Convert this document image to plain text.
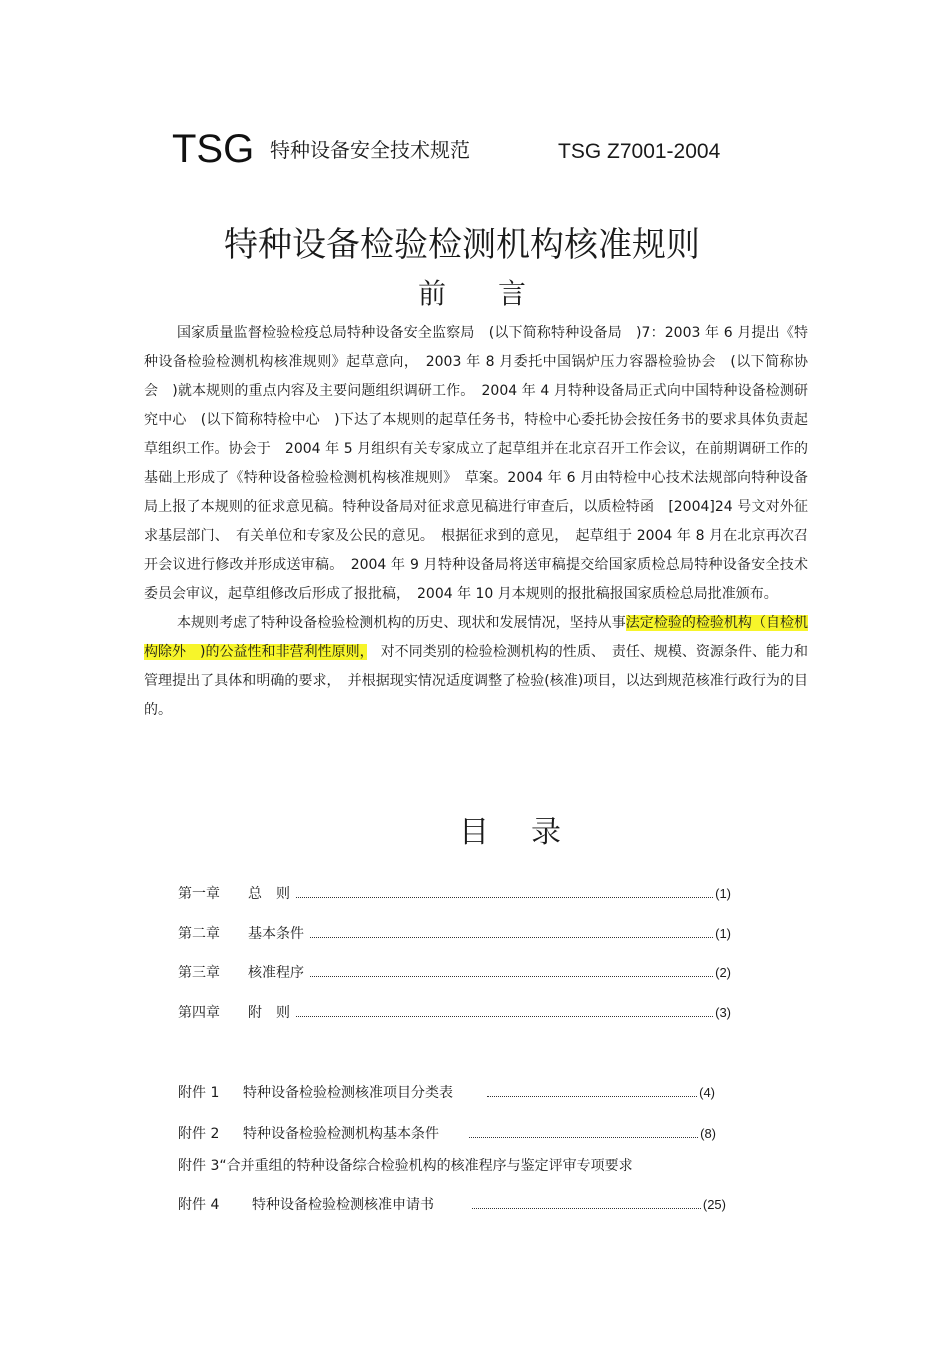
TSG 特种设备安全技术规范	TSG Z7001-2004
特种设备检验检测机构核准规则
前言

国家质量监督检验检疫总局特种设备安全监察局　(以下简称特种设备局　)7：2003 年 6 月提出《特种设备检验检测机构核准规则》起草意向，　2003 年 8 月委托中国锅炉压力容器检验协会　(以下简称协会　)就本规则的重点内容及主要问题组织调研工作。　2004 年 4 月特种设备局正式向中国特种设备检测研究中心　(以下简称特检中心　)下达了本规则的起草任务书，特检中心委托协会按任务书的要求具体负责起草组织工作。协会于　2004 年 5 月组织有关专家成立了起草组并在北京召开工作会议，在前期调研工作的基础上形成了《特种设备检验检测机构核准规则》　草案。2004 年 6 月由特检中心技术法规部向特种设备局上报了本规则的征求意见稿。特种设备局对征求意见稿进行审查后，以质检特函　[2004]24 号文对外征求基层部门、　有关单位和专家及公民的意见。　根据征求到的意见，　起草组于 2004 年 8 月在北京再次召开会议进行修改并形成送审稿。　2004 年 9 月特种设备局将送审稿提交给国家质检总局特种设备安全技术委员会审议，起草组修改后形成了报批稿，　2004 年 10 月本规则的报批稿报国家质检总局批准颁布。

本规则考虑了特种设备检验检测机构的历史、现状和发展情况，坚持从事法定检验的检验机构（自检机构除外　)的公益性和非营利性原则，　对不同类别的检验检测机构的性质、　责任、规模、资源条件、能力和管理提出了具体和明确的要求，　并根据现实情况适度调整了检验(核准)项目，以达到规范核准行政行为的目的。

目录
第一章	总　则	(1)
第二章	基本条件	(1)
第三章	核准程序	(2)
第四章	附　则	(3)
附件 1	特种设备检验检测核准项目分类表	(4)
附件 2	特种设备检验检测机构基本条件	(8)
附件 3“合并重组的特种设备综合检验机构的核准程序与鉴定评审专项要求
附件 4	特种设备检验检测核准申请书	(25)
